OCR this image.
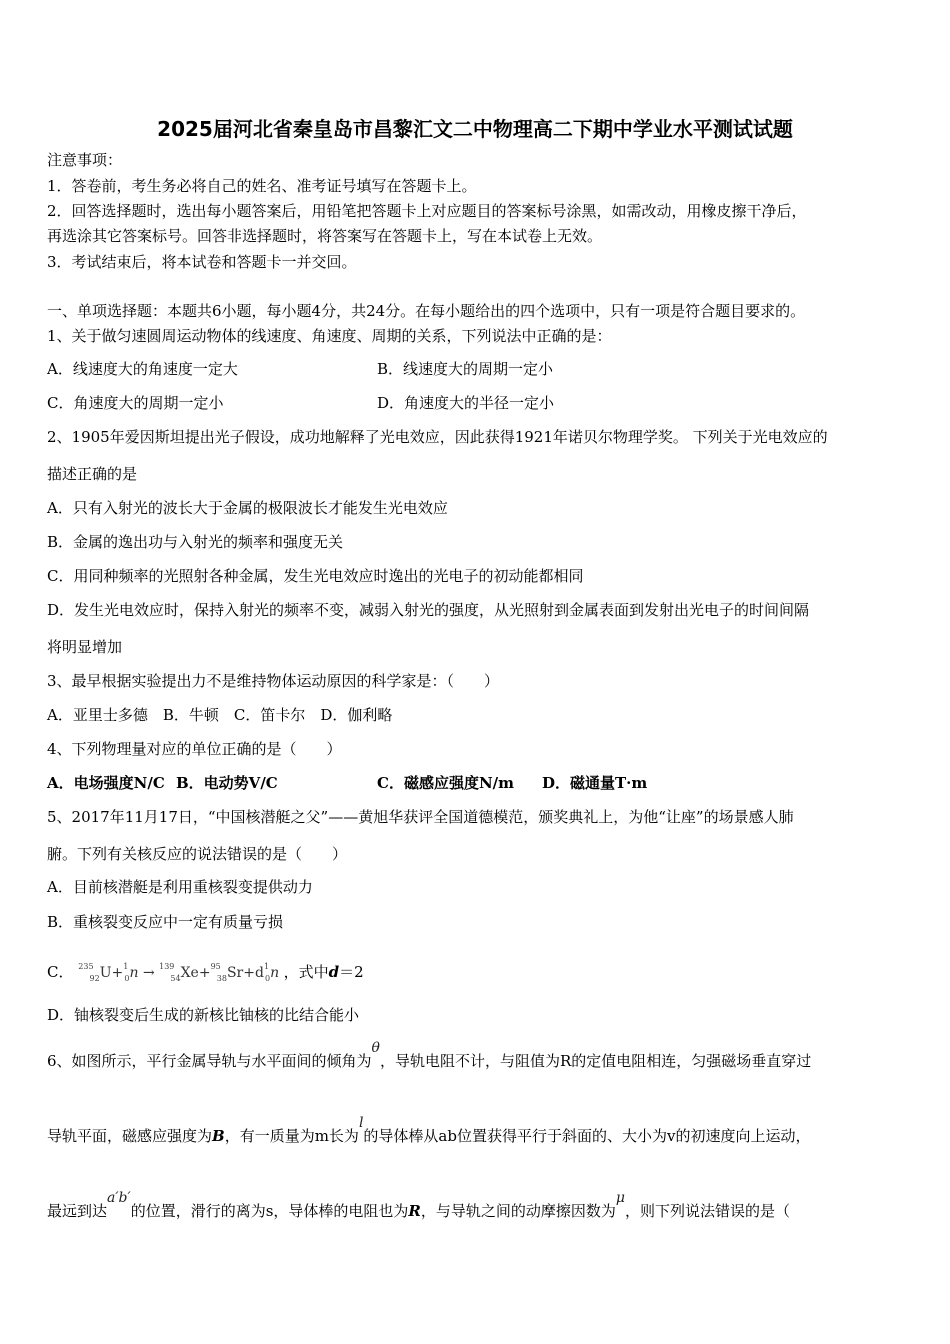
2025届河北省秦皇岛市昌黎汇文二中物理高二下期中学业水平测试试题
注意事项：
1．答卷前，考生务必将自己的姓名、准考证号填写在答题卡上。
2．回答选择题时，选出每小题答案后，用铅笔把答题卡上对应题目的答案标号涂黑，如需改动，用橡皮擦干净后，
再选涂其它答案标号。回答非选择题时，将答案写在答题卡上，写在本试卷上无效。
3．考试结束后，将本试卷和答题卡一并交回。
一、单项选择题：本题共6小题，每小题4分，共24分。在每小题给出的四个选项中，只有一项是符合题目要求的。
1、关于做匀速圆周运动物体的线速度、角速度、周期的关系，下列说法中正确的是：
A．线速度大的角速度一定大	B．线速度大的周期一定小
C．角速度大的周期一定小	D．角速度大的半径一定小
2、1905年爱因斯坦提出光子假设，成功地解释了光电效应，因此获得1921年诺贝尔物理学奖。 下列关于光电效应的
描述正确的是
A．只有入射光的波长大于金属的极限波长才能发生光电效应
B．金属的逸出功与入射光的频率和强度无关
C．用同种频率的光照射各种金属，发生光电效应时逸出的光电子的初动能都相同
D．发生光电效应时，保持入射光的频率不变，减弱入射光的强度，从光照射到金属表面到发射出光电子的时间间隔
将明显增加
3、最早根据实验提出力不是维持物体运动原因的科学家是：（　　）
A．亚里士多德　B．牛顿　C．笛卡尔　D．伽利略
4、下列物理量对应的单位正确的是（　　）
A．电场强度N/C B．电动势V/C	C．磁感应强度N/m D．磁通量T·m
5、2017年11月17日，“中国核潜艇之父”——黄旭华获评全国道德模范，颁奖典礼上，为他“让座”的场景感人肺
腑。下列有关核反应的说法错误的是（　　）
A．目前核潜艇是利用重核裂变提供动力
B．重核裂变反应中一定有质量亏损
C． $^{235}_{92}U+^1_0n \to ^{139}_{54}Xe+^{95}_{38}Sr+d^1_0n$ ，式中d＝2
D．铀核裂变后生成的新核比铀核的比结合能小
6、如图所示，平行金属导轨与水平面间的倾角为θ，导轨电阻不计，与阻值为R的定值电阻相连，匀强磁场垂直穿过
导轨平面，磁感应强度为B，有一质量为m长为l的导体棒从ab位置获得平行于斜面的、大小为v的初速度向上运动，
最远到达a′b′的位置，滑行的离为s，导体棒的电阻也为R，与导轨之间的动摩擦因数为μ，则下列说法错误的是（
